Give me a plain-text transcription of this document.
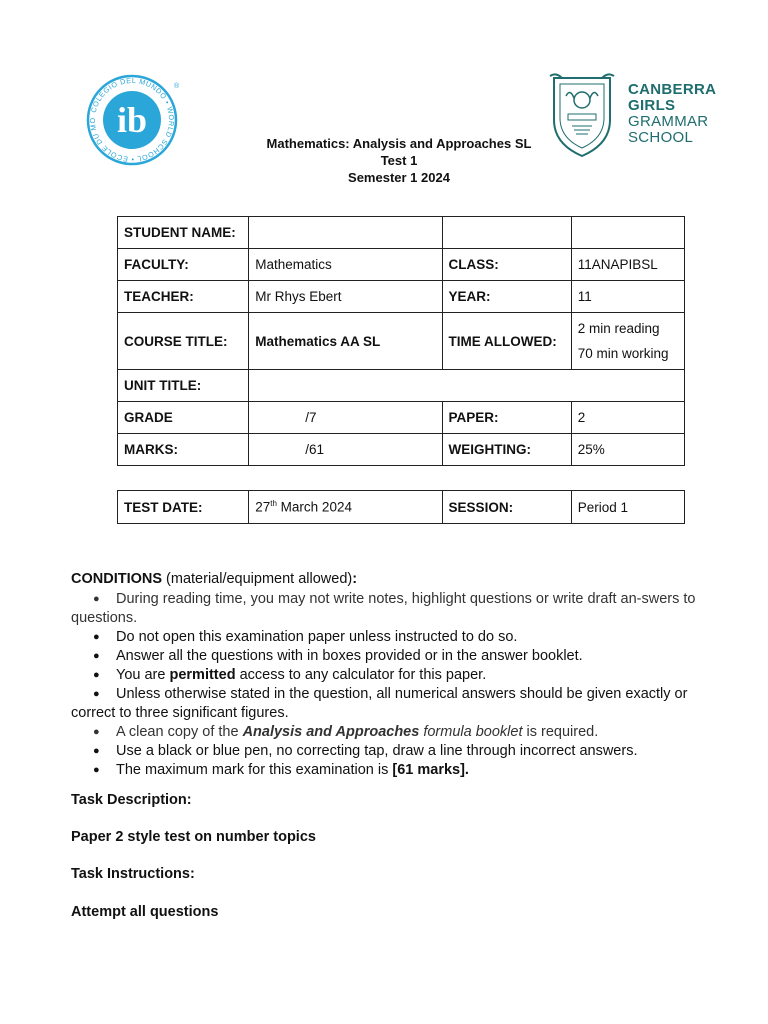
COLEGIO DEL MUNDO • WORLD SCHOOL • ÉCOLE DU MO ib
®	CANBERRA
GIRLS
GRAMMAR
SCHOOL
Mathematics: Analysis and Approaches SL
Test 1
Semester 1 2024
STUDENT NAME:			
FACULTY:	Mathematics	CLASS:	11ANAPIBSL
TEACHER:	Mr Rhys Ebert	YEAR:	11
COURSE TITLE:	Mathematics AA SL	TIME ALLOWED:	2 min reading
70 min working

UNIT TITLE:			
GRADE	/7	PAPER:	2
MARKS:	/61	WEIGHTING:	25%
TEST DATE:	27th March 2024	SESSION:	Period 1
CONDITIONS (material/equipment allowed):
● During reading time, you may not write notes, highlight questions or write draft an-swers to questions.
● Do not open this examination paper unless instructed to do so.
● Answer all the questions with in boxes provided or in the answer booklet.
● You are permitted access to any calculator for this paper.
● Unless otherwise stated in the question, all numerical answers should be given exactly or correct to three significant figures.
● A clean copy of the Analysis and Approaches formula booklet is required.
● Use a black or blue pen, no correcting tap, draw a line through incorrect answers.
● The maximum mark for this examination is [61 marks].
Task Description:
Paper 2 style test on number topics
Task Instructions:
Attempt all questions
